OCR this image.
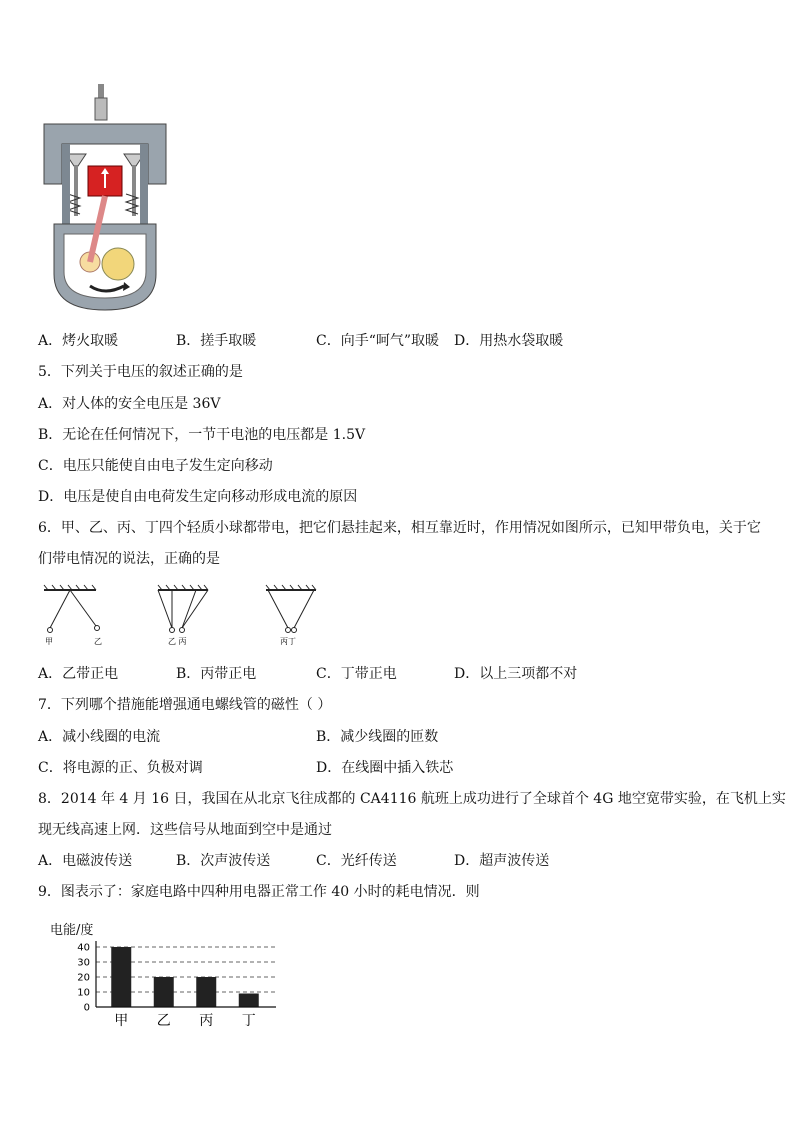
A．烤火取暖	B．搓手取暖	C．向手“呵气”取暖 D．用热水袋取暖
5．下列关于电压的叙述正确的是
A．对人体的安全电压是 36V
B．无论在任何情况下，一节干电池的电压都是 1.5V
C．电压只能使自由电子发生定向移动
D．电压是使自由电荷发生定向移动形成电流的原因
6．甲、乙、丙、丁四个轻质小球都带电，把它们悬挂起来，相互靠近时，作用情况如图所示，已知甲带负电，关于它
们带电情况的说法，正确的是
甲	乙	乙 丙	丙丁
A．乙带正电	B．丙带正电	C．丁带正电	D．以上三项都不对
7．下列哪个措施能增强通电螺线管的磁性（ ）
A．减小线圈的电流	B．减少线圈的匝数
C．将电源的正、负极对调	D．在线圈中插入铁芯
8．2014 年 4 月 16 日，我国在从北京飞往成都的 CA4116 航班上成功进行了全球首个 4G 地空宽带实验，在飞机上实
现无线高速上网．这些信号从地面到空中是通过
A．电磁波传送	B．次声波传送	C．光纤传送	D．超声波传送
9．图表示了：家庭电路中四种用电器正常工作 40 小时的耗电情况．则
电能/度
0
10
20
30
40
甲 乙 丙 丁
